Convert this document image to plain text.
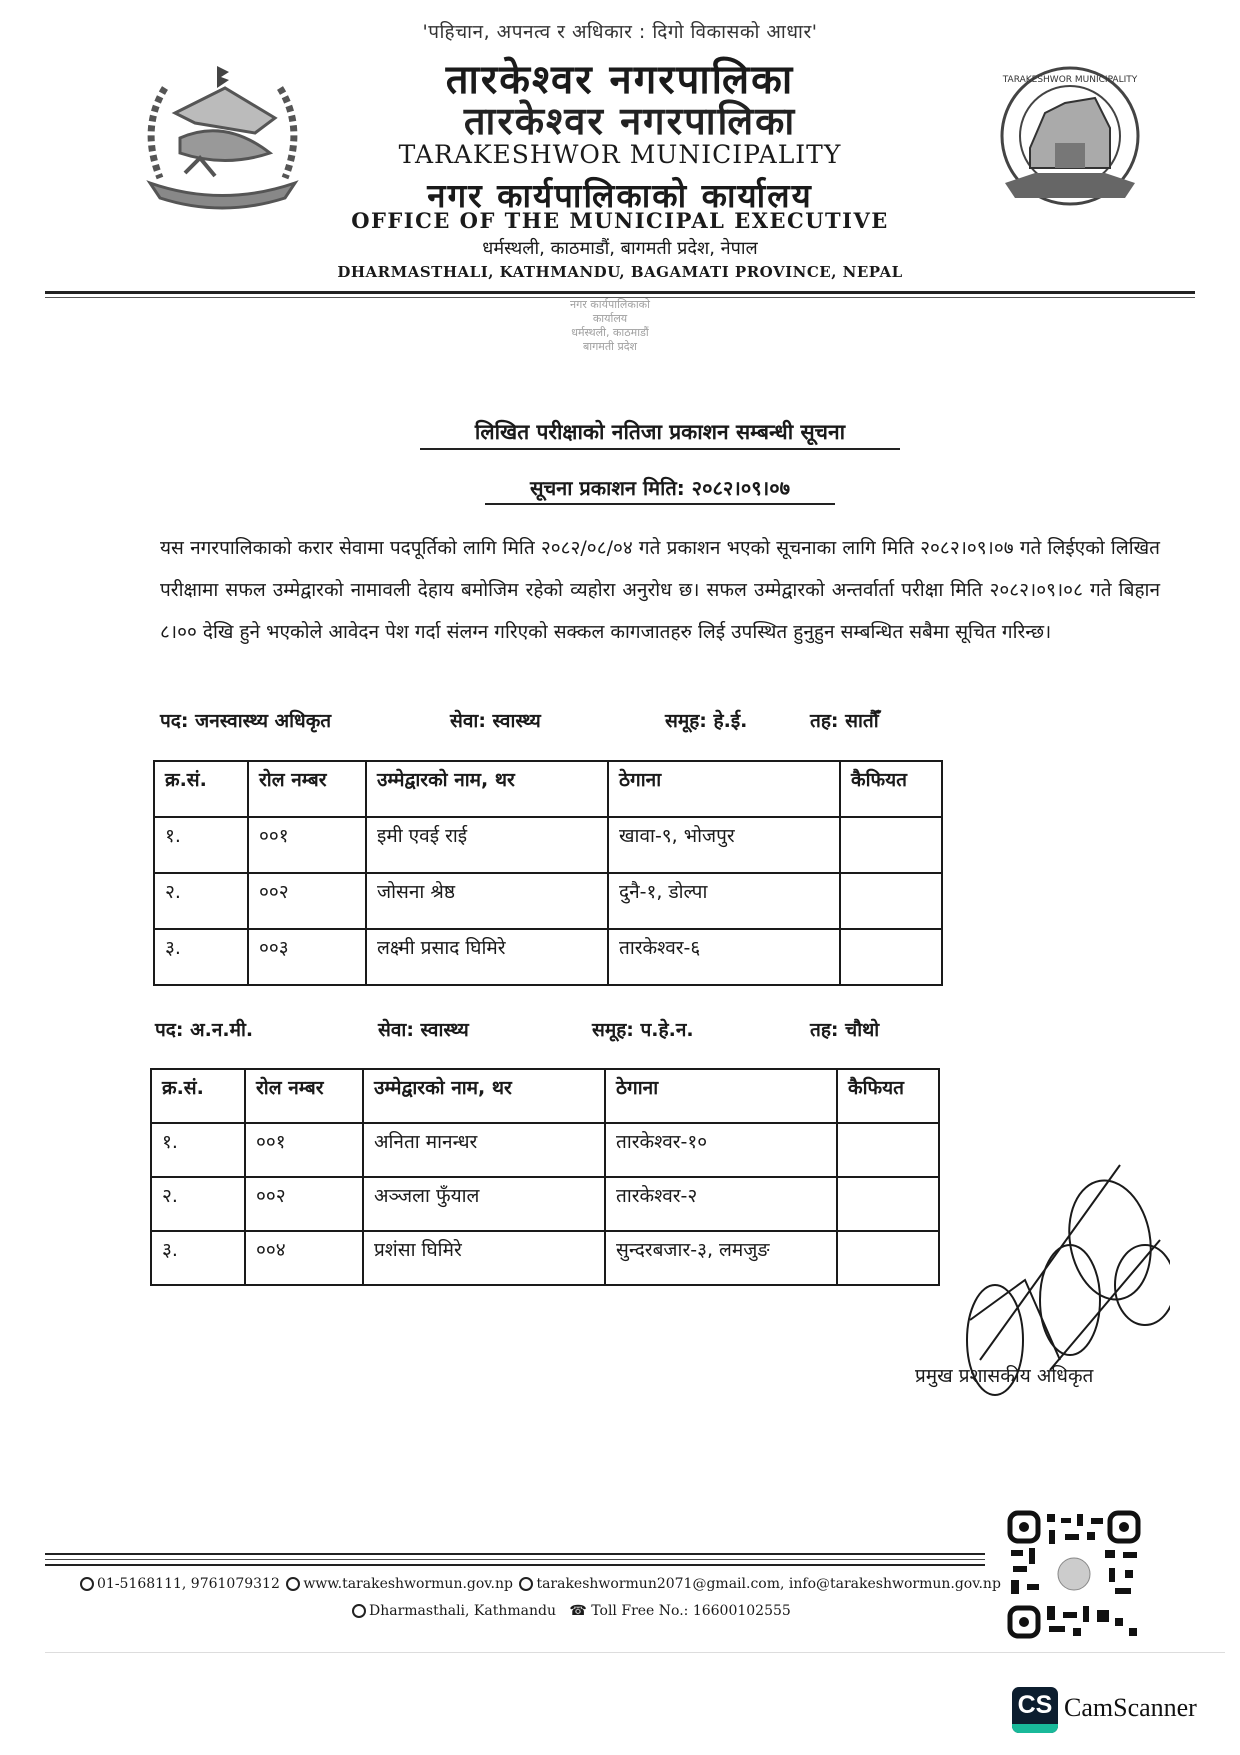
'पहिचान, अपनत्व र अधिकार : दिगो विकासको आधार'
तारकेश्वर नगरपालिका
तारकेश्वर नगरपालिका
TARAKESHWOR MUNICIPALITY
नगर कार्यपालिकाको कार्यालय
OFFICE OF THE MUNICIPAL EXECUTIVE
धर्मस्थली, काठमाडौं, बागमती प्रदेश, नेपाल
DHARMASTHALI, KATHMANDU, BAGAMATI PROVINCE, NEPAL
TARAKESHWOR MUNICIPALITY
नगर कार्यपालिकाको
कार्यालय
धर्मस्थली, काठमाडौं
बागमती प्रदेश
लिखित परीक्षाको नतिजा प्रकाशन सम्बन्धी सूचना
सूचना प्रकाशन मिति: २०८२।०९।०७
यस नगरपालिकाको करार सेवामा पदपूर्तिको लागि मिति २०८२/०८/०४ गते प्रकाशन भएको सूचनाका लागि मिति २०८२।०९।०७ गते लिईएको लिखित परीक्षामा सफल उम्मेद्वारको नामावली देहाय बमोजिम रहेको व्यहोरा अनुरोध छ। सफल उम्मेद्वारको अन्तर्वार्ता परीक्षा मिति २०८२।०९।०८ गते बिहान ८।०० देखि हुने भएकोले आवेदन पेश गर्दा संलग्न गरिएको सक्कल कागजातहरु लिई उपस्थित हुनुहुन सम्बन्धित सबैमा सूचित गरिन्छ।
पद: जनस्वास्थ्य अधिकृत	सेवा: स्वास्थ्य	समूह: हे.ई.	तह: सातौँ
क्र.सं.	रोल नम्बर	उम्मेद्वारको नाम, थर	ठेगाना	कैफियत
१.	००१	इमी एवई राई	खावा-९, भोजपुर	
२.	००२	जोसना श्रेष्ठ	दुनै-१, डोल्पा	
३.	००३	लक्ष्मी प्रसाद घिमिरे	तारकेश्वर-६	
पद: अ.न.मी.	सेवा: स्वास्थ्य	समूह: प.हे.न.	तह: चौथो
क्र.सं.	रोल नम्बर	उम्मेद्वारको नाम, थर	ठेगाना	कैफियत
१.	००१	अनिता मानन्धर	तारकेश्वर-१०	
२.	००२	अञ्जला फुँयाल	तारकेश्वर-२	
३.	००४	प्रशंसा घिमिरे	सुन्दरबजार-३, लमजुङ	
प्रमुख प्रशासकीय अधिकृत
01-5168111, 9761079312 www.tarakeshwormun.gov.np tarakeshwormun2071@gmail.com, info@tarakeshwormun.gov.np
Dharmasthali, Kathmandu ☎ Toll Free No.: 16600102555
CS CamScanner
